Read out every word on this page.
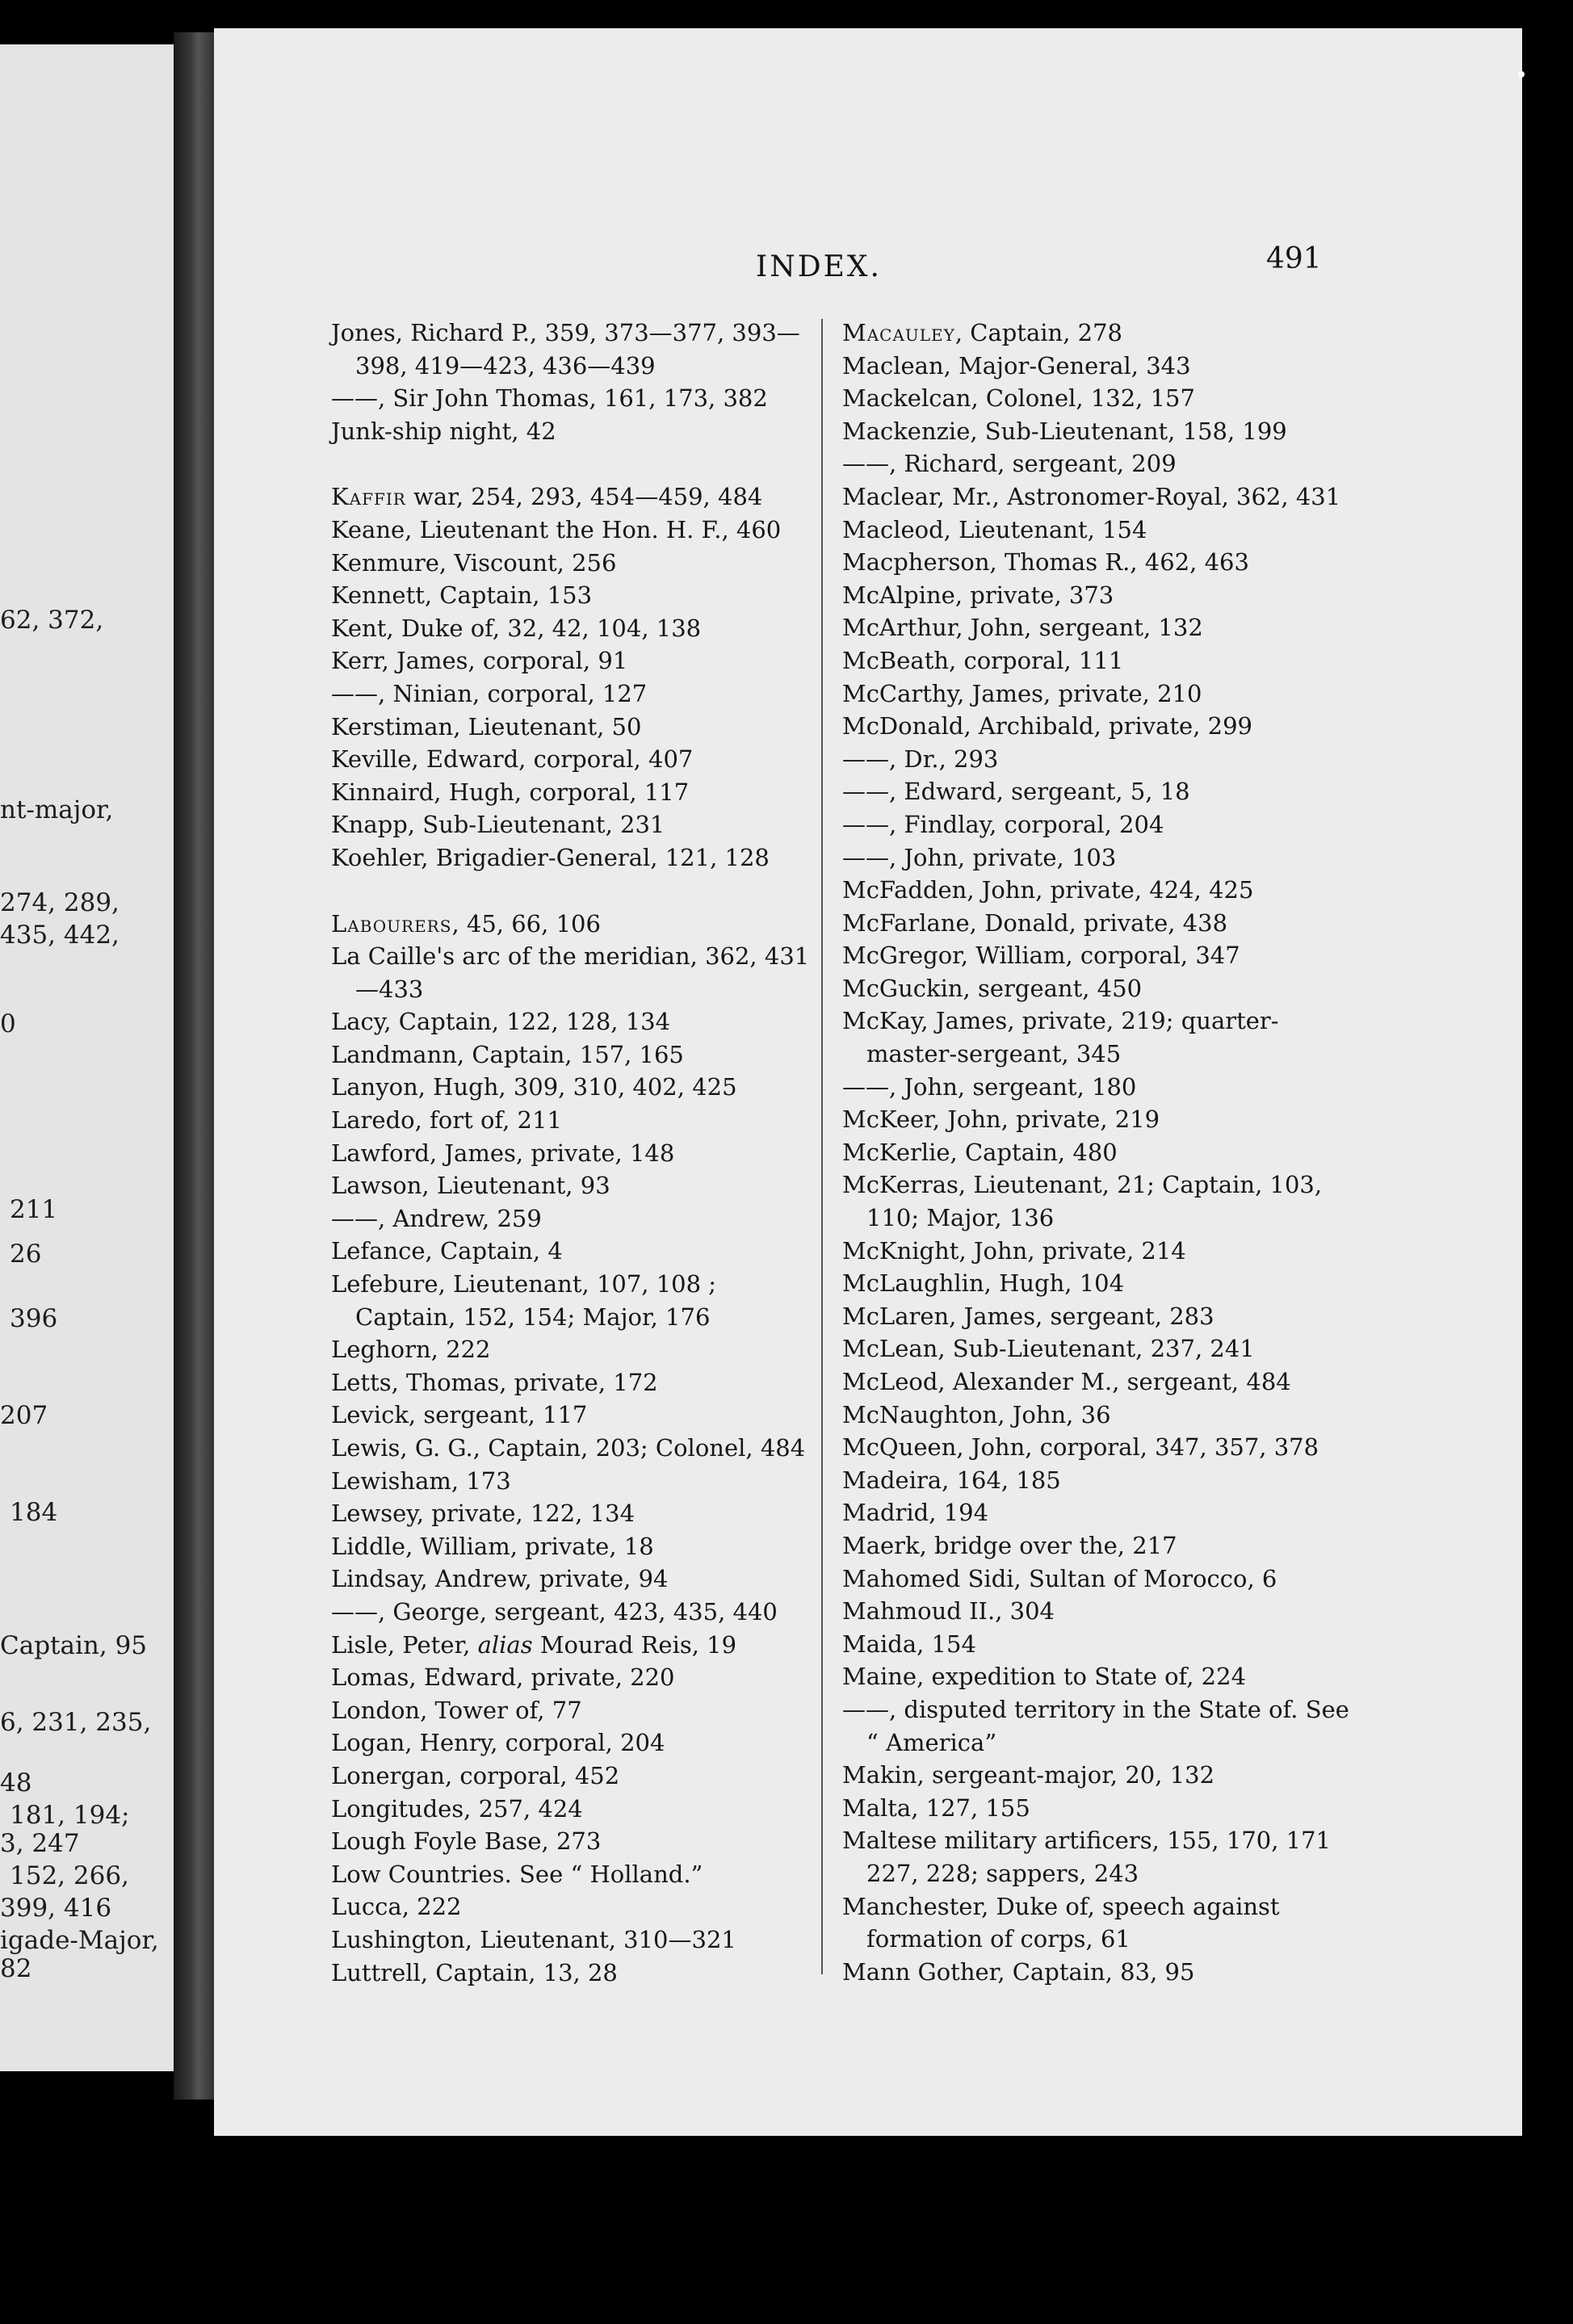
62, 372,
nt-major,
274, 289,
435, 442,
0
211
26
396
207
184
Captain, 95
6, 231, 235,
48
181, 194;
3, 247
152, 266,
399, 416
igade-Major,
82
INDEX.	491
Jones, Richard P., 359, 373—377, 393—398, 419—423, 436—439
——, Sir John Thomas, 161, 173, 382
Junk-ship night, 42
Kaffir war, 254, 293, 454—459, 484
Keane, Lieutenant the Hon. H. F., 460
Kenmure, Viscount, 256
Kennett, Captain, 153
Kent, Duke of, 32, 42, 104, 138
Kerr, James, corporal, 91
——, Ninian, corporal, 127
Kerstiman, Lieutenant, 50
Keville, Edward, corporal, 407
Kinnaird, Hugh, corporal, 117
Knapp, Sub-Lieutenant, 231
Koehler, Brigadier-General, 121, 128
Labourers, 45, 66, 106
La Caille's arc of the meridian, 362, 431—433
Lacy, Captain, 122, 128, 134
Landmann, Captain, 157, 165
Lanyon, Hugh, 309, 310, 402, 425
Laredo, fort of, 211
Lawford, James, private, 148
Lawson, Lieutenant, 93
——, Andrew, 259
Lefance, Captain, 4
Lefebure, Lieutenant, 107, 108 ; Captain, 152, 154; Major, 176
Leghorn, 222
Letts, Thomas, private, 172
Levick, sergeant, 117
Lewis, G. G., Captain, 203; Colonel, 484
Lewisham, 173
Lewsey, private, 122, 134
Liddle, William, private, 18
Lindsay, Andrew, private, 94
——, George, sergeant, 423, 435, 440
Lisle, Peter, alias Mourad Reis, 19
Lomas, Edward, private, 220
London, Tower of, 77
Logan, Henry, corporal, 204
Lonergan, corporal, 452
Longitudes, 257, 424
Lough Foyle Base, 273
Low Countries. See “ Holland.”
Lucca, 222
Lushington, Lieutenant, 310—321
Luttrell, Captain, 13, 28
Macauley, Captain, 278
Maclean, Major-General, 343
Mackelcan, Colonel, 132, 157
Mackenzie, Sub-Lieutenant, 158, 199
——, Richard, sergeant, 209
Maclear, Mr., Astronomer-Royal, 362, 431
Macleod, Lieutenant, 154
Macpherson, Thomas R., 462, 463
McAlpine, private, 373
McArthur, John, sergeant, 132
McBeath, corporal, 111
McCarthy, James, private, 210
McDonald, Archibald, private, 299
——, Dr., 293
——, Edward, sergeant, 5, 18
——, Findlay, corporal, 204
——, John, private, 103
McFadden, John, private, 424, 425
McFarlane, Donald, private, 438
McGregor, William, corporal, 347
McGuckin, sergeant, 450
McKay, James, private, 219; quarter-master-sergeant, 345
——, John, sergeant, 180
McKeer, John, private, 219
McKerlie, Captain, 480
McKerras, Lieutenant, 21; Captain, 103, 110; Major, 136
McKnight, John, private, 214
McLaughlin, Hugh, 104
McLaren, James, sergeant, 283
McLean, Sub-Lieutenant, 237, 241
McLeod, Alexander M., sergeant, 484
McNaughton, John, 36
McQueen, John, corporal, 347, 357, 378
Madeira, 164, 185
Madrid, 194
Maerk, bridge over the, 217
Mahomed Sidi, Sultan of Morocco, 6
Mahmoud II., 304
Maida, 154
Maine, expedition to State of, 224
——, disputed territory in the State of. See “ America”
Makin, sergeant-major, 20, 132
Malta, 127, 155
Maltese military artificers, 155, 170, 171 227, 228; sappers, 243
Manchester, Duke of, speech against formation of corps, 61
Mann Gother, Captain, 83, 95
